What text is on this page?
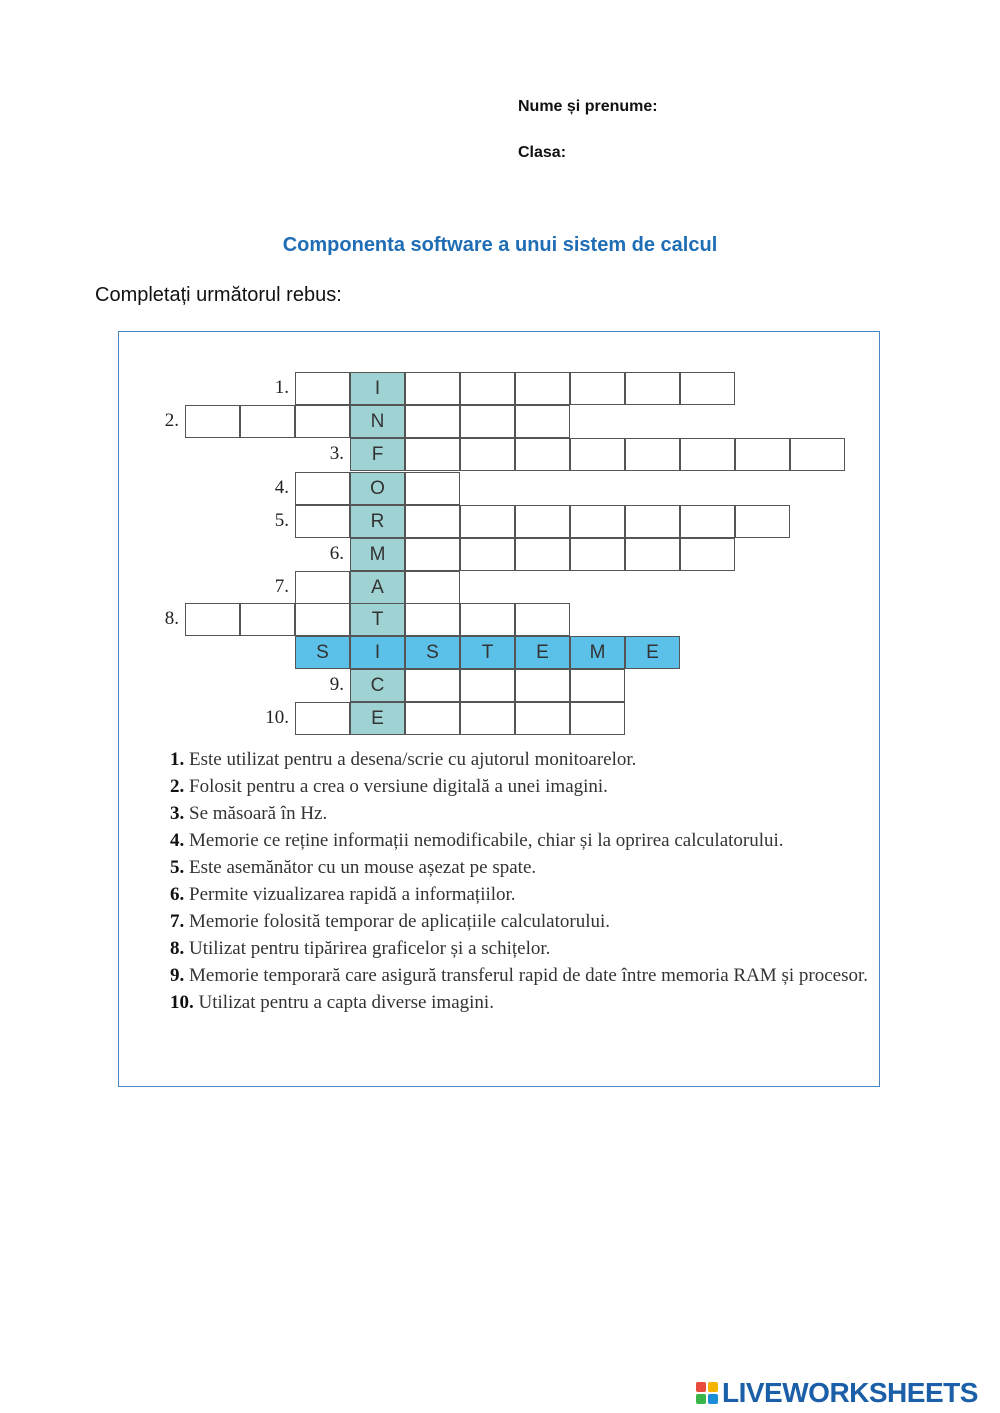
Nume și prenume:
Clasa:
Componenta software a unui sistem de calcul
Completați următorul rebus:
1.	I
2.	N
3.	F
4.	O
5.	R
6.	M
7.	A
8.	T
S	I	S	T	E	M	E
9.	C
10.	E
1. Este utilizat pentru a desena/scrie cu ajutorul monitoarelor.
2. Folosit pentru a crea o versiune digitală a unei imagini.
3. Se măsoară în Hz.
4. Memorie ce reține informații nemodificabile, chiar și la oprirea calculatorului.
5. Este asemănător cu un mouse așezat pe spate.
6. Permite vizualizarea rapidă a informațiilor.
7. Memorie folosită temporar de aplicațiile calculatorului.
8. Utilizat pentru tipărirea graficelor și a schițelor.
9. Memorie temporară care asigură transferul rapid de date între memoria RAM și procesor.
10. Utilizat pentru a capta diverse imagini.
LIVEWORKSHEETS
